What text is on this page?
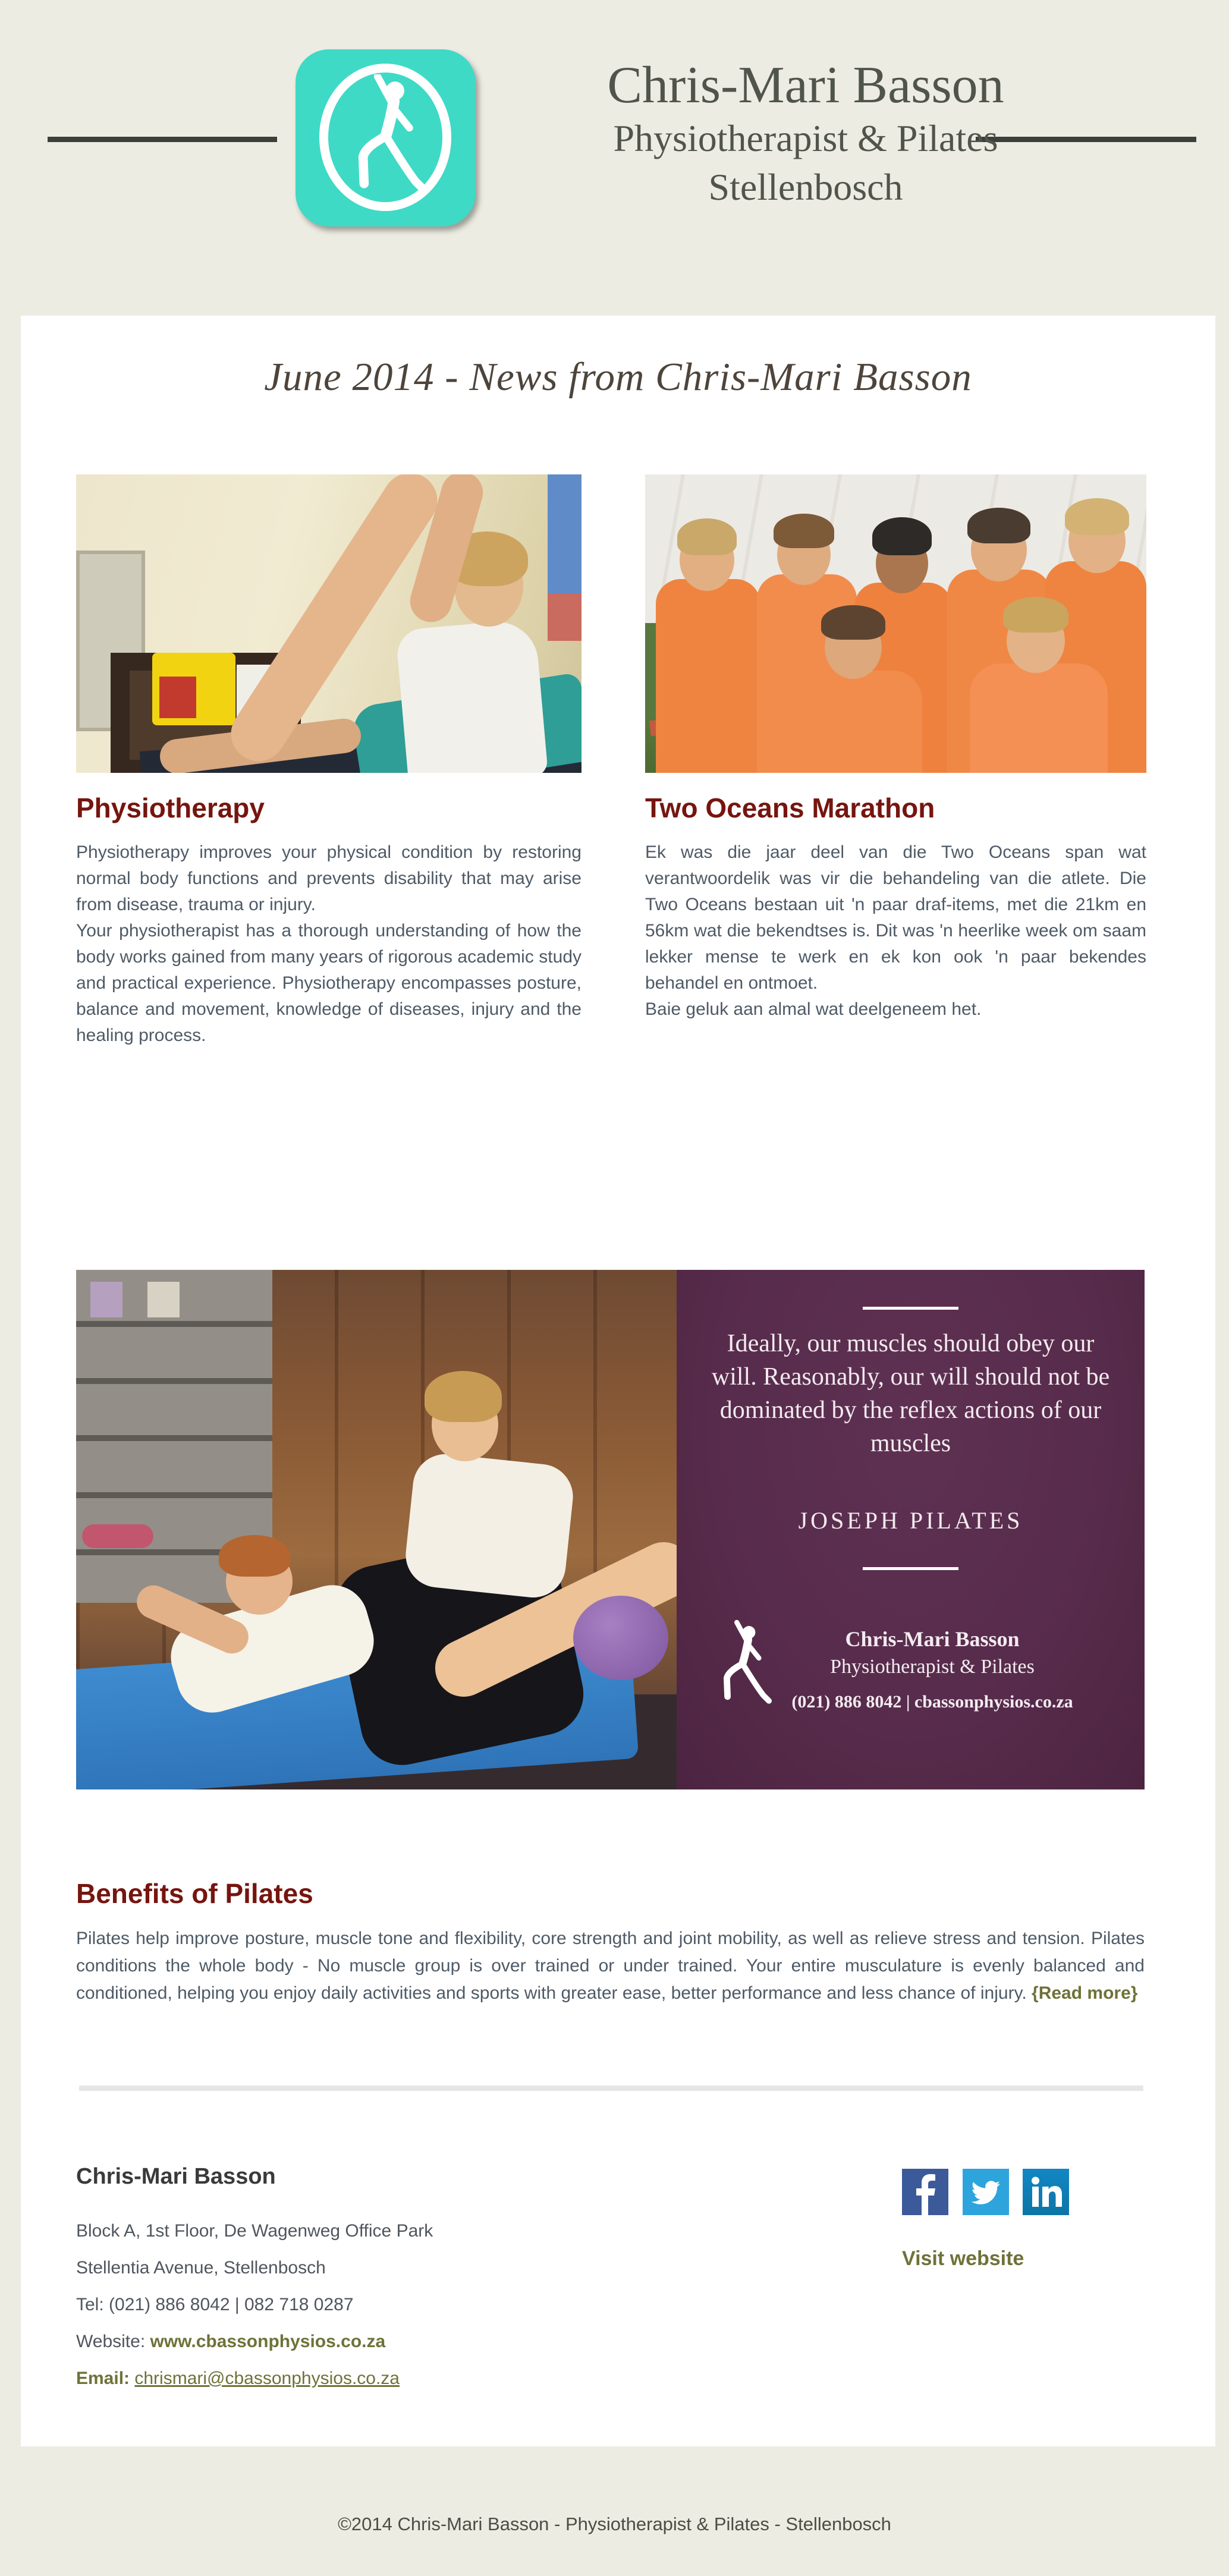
Chris-Mari Basson
Physiotherapist & Pilates
Stellenbosch
June 2014 - News from Chris-Mari Basson
Physiotherapy

Physiotherapy improves your physical condition by restoring normal body functions and prevents disability that may arise from disease, trauma or injury.

Your physiotherapist has a thorough understanding of how the body works gained from many years of rigorous academic study and practical experience. Physiotherapy encompasses posture, balance and movement, knowledge of diseases, injury and the healing process.

Two Oceans Marathon

Ek was die jaar deel van die Two Oceans span wat verantwoordelik was vir die behandeling van die atlete. Die Two Oceans bestaan uit 'n paar draf-items, met die 21km en 56km wat die bekendtses is. Dit was 'n heerlike week om saam lekker mense te werk en ek kon ook 'n paar bekendes behandel en ontmoet.

Baie geluk aan almal wat deelgeneem het.

Ideally, our muscles should obey our will. Reasonably, our will should not be dominated by the reflex actions of our muscles
JOSEPH PILATES
Chris-Mari Basson
Physiotherapist & Pilates
(021) 886 8042 | cbassonphysios.co.za
Benefits of Pilates
Pilates help improve posture, muscle tone and flexibility, core strength and joint mobility, as well as relieve stress and tension. Pilates conditions the whole body - No muscle group is over trained or under trained. Your entire musculature is evenly balanced and conditioned, helping you enjoy daily activities and sports with greater ease, better performance and less chance of injury. {Read more}
Chris-Mari Basson
Block A, 1st Floor, De Wagenweg Office Park
Stellentia Avenue, Stellenbosch
Tel: (021) 886 8042 | 082 718 0287
Website: www.cbassonphysios.co.za
Email: chrismari@cbassonphysios.co.za
Visit website
©2014 Chris-Mari Basson - Physiotherapist & Pilates - Stellenbosch
